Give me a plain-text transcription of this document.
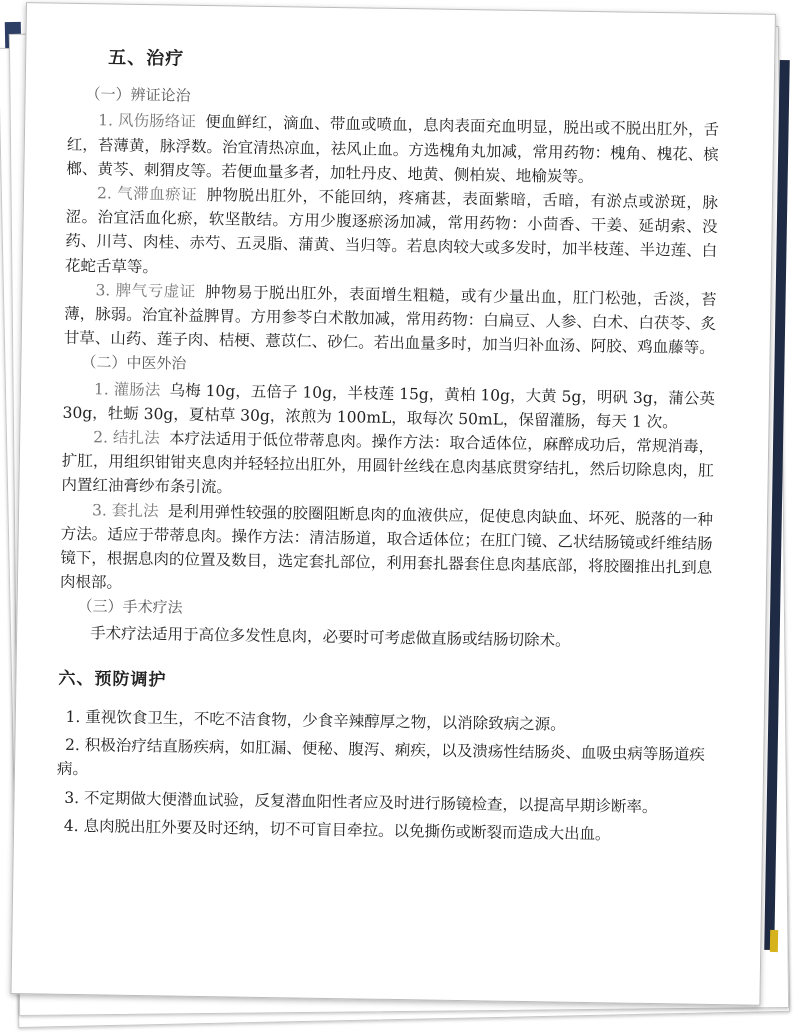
五、治疗
（一）辨证论治

1. 风伤肠络证 便血鲜红，滴血、带血或喷血，息肉表面充血明显，脱出或不脱出肛外，舌红，苔薄黄，脉浮数。治宜清热凉血，祛风止血。方选槐角丸加减，常用药物：槐角、槐花、槟榔、黄芩、刺猬皮等。若便血量多者，加牡丹皮、地黄、侧柏炭、地榆炭等。

2. 气滞血瘀证 肿物脱出肛外，不能回纳，疼痛甚，表面紫暗，舌暗，有淤点或淤斑，脉涩。治宜活血化瘀，软坚散结。方用少腹逐瘀汤加减，常用药物：小茴香、干姜、延胡索、没药、川芎、肉桂、赤芍、五灵脂、蒲黄、当归等。若息肉较大或多发时，加半枝莲、半边莲、白花蛇舌草等。

3. 脾气亏虚证 肿物易于脱出肛外，表面增生粗糙，或有少量出血，肛门松弛，舌淡，苔薄，脉弱。治宜补益脾胃。方用参苓白术散加减，常用药物：白扁豆、人参、白术、白茯苓、炙甘草、山药、莲子肉、桔梗、薏苡仁、砂仁。若出血量多时，加当归补血汤、阿胶、鸡血藤等。

（二）中医外治

1. 灌肠法 乌梅 10g，五倍子 10g，半枝莲 15g，黄柏 10g，大黄 5g，明矾 3g，蒲公英 30g，牡蛎 30g，夏枯草 30g，浓煎为 100mL，取每次 50mL，保留灌肠，每天 1 次。

2. 结扎法 本疗法适用于低位带蒂息肉。操作方法：取合适体位，麻醉成功后，常规消毒，扩肛，用组织钳钳夹息肉并轻轻拉出肛外，用圆针丝线在息肉基底贯穿结扎，然后切除息肉，肛内置红油膏纱布条引流。

3. 套扎法 是利用弹性较强的胶圈阻断息肉的血液供应，促使息肉缺血、坏死、脱落的一种方法。适应于带蒂息肉。操作方法：清洁肠道，取合适体位；在肛门镜、乙状结肠镜或纤维结肠镜下，根据息肉的位置及数目，选定套扎部位，利用套扎器套住息肉基底部，将胶圈推出扎到息肉根部。

（三）手术疗法

手术疗法适用于高位多发性息肉，必要时可考虑做直肠或结肠切除术。

六、预防调护

1. 重视饮食卫生，不吃不洁食物，少食辛辣醇厚之物，以消除致病之源。

2. 积极治疗结直肠疾病，如肛漏、便秘、腹泻、痢疾，以及溃疡性结肠炎、血吸虫病等肠道疾病。

3. 不定期做大便潜血试验，反复潜血阳性者应及时进行肠镜检查，以提高早期诊断率。

4. 息肉脱出肛外要及时还纳，切不可盲目牵拉。以免撕伤或断裂而造成大出血。
